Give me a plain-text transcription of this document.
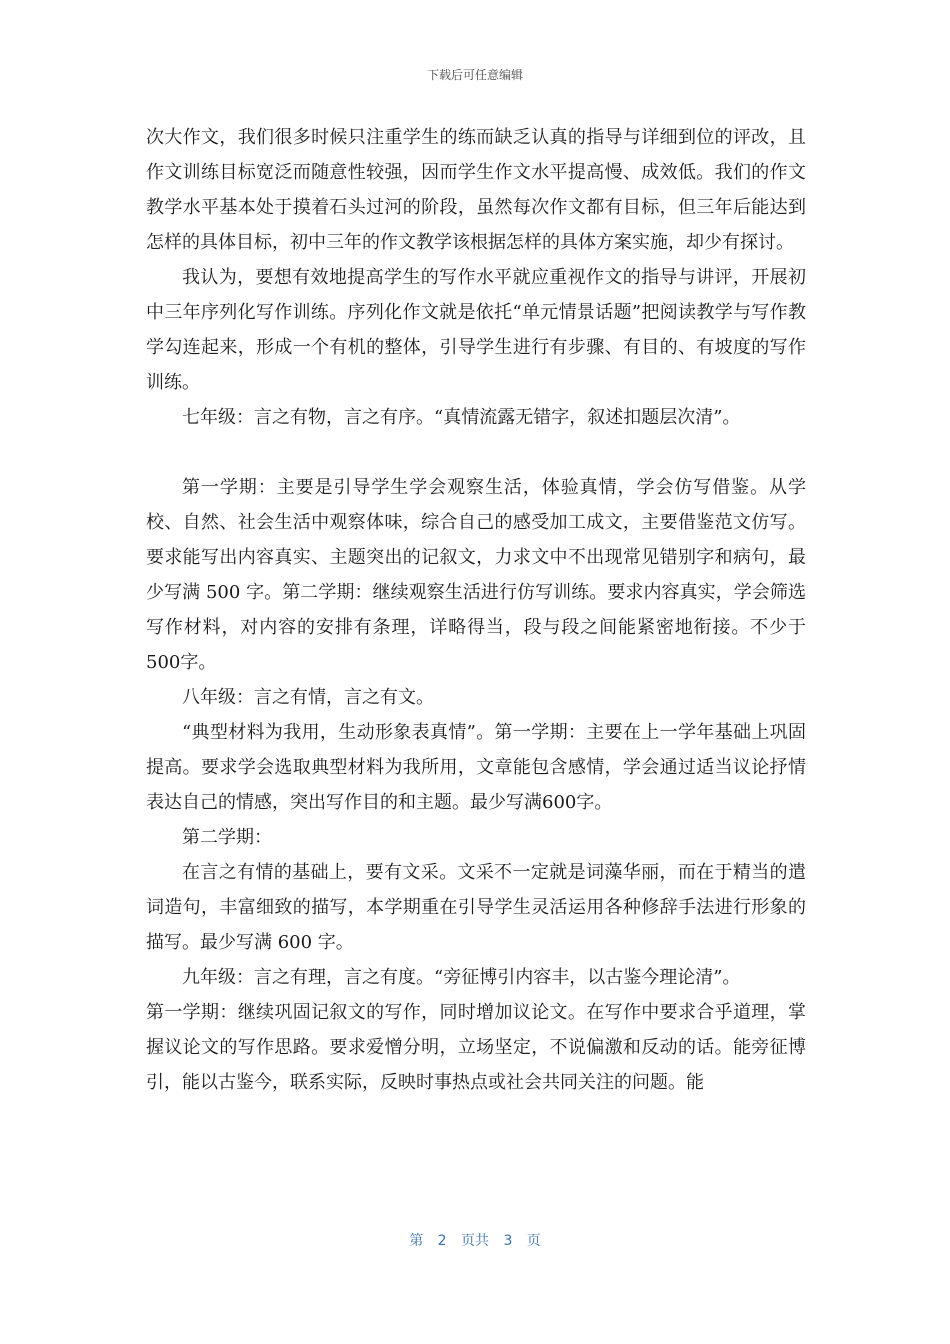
下载后可任意编辑

次大作文，我们很多时候只注重学生的练而缺乏认真的指导与详细到位的评改，且作文训练目标宽泛而随意性较强，因而学生作文水平提高慢、成效低。我们的作文教学水平基本处于摸着石头过河的阶段，虽然每次作文都有目标，但三年后能达到怎样的具体目标，初中三年的作文教学该根据怎样的具体方案实施，却少有探讨。

我认为，要想有效地提高学生的写作水平就应重视作文的指导与讲评，开展初中三年序列化写作训练。序列化作文就是依托“单元情景话题”把阅读教学与写作教学勾连起来，形成一个有机的整体，引导学生进行有步骤、有目的、有坡度的写作训练。

七年级：言之有物，言之有序。“真情流露无错字，叙述扣题层次清”。

第一学期：主要是引导学生学会观察生活，体验真情，学会仿写借鉴。从学校、自然、社会生活中观察体味，综合自己的感受加工成文，主要借鉴范文仿写。要求能写出内容真实、主题突出的记叙文，力求文中不出现常见错别字和病句，最少写满 500 字。第二学期：继续观察生活进行仿写训练。要求内容真实，学会筛选写作材料，对内容的安排有条理，详略得当，段与段之间能紧密地衔接。不少于500字。

八年级：言之有情，言之有文。

“典型材料为我用，生动形象表真情”。第一学期：主要在上一学年基础上巩固提高。要求学会选取典型材料为我所用，文章能包含感情，学会通过适当议论抒情表达自己的情感，突出写作目的和主题。最少写满600字。

第二学期：

在言之有情的基础上，要有文采。文采不一定就是词藻华丽，而在于精当的遣词造句，丰富细致的描写，本学期重在引导学生灵活运用各种修辞手法进行形象的描写。最少写满 600 字。

九年级：言之有理，言之有度。“旁征博引内容丰，以古鉴今理论清”。

第一学期：继续巩固记叙文的写作，同时增加议论文。在写作中要求合乎道理，掌握议论文的写作思路。要求爱憎分明，立场坚定，不说偏激和反动的话。能旁征博引，能以古鉴今，联系实际，反映时事热点或社会共同关注的问题。能

第 2 页共 3 页
